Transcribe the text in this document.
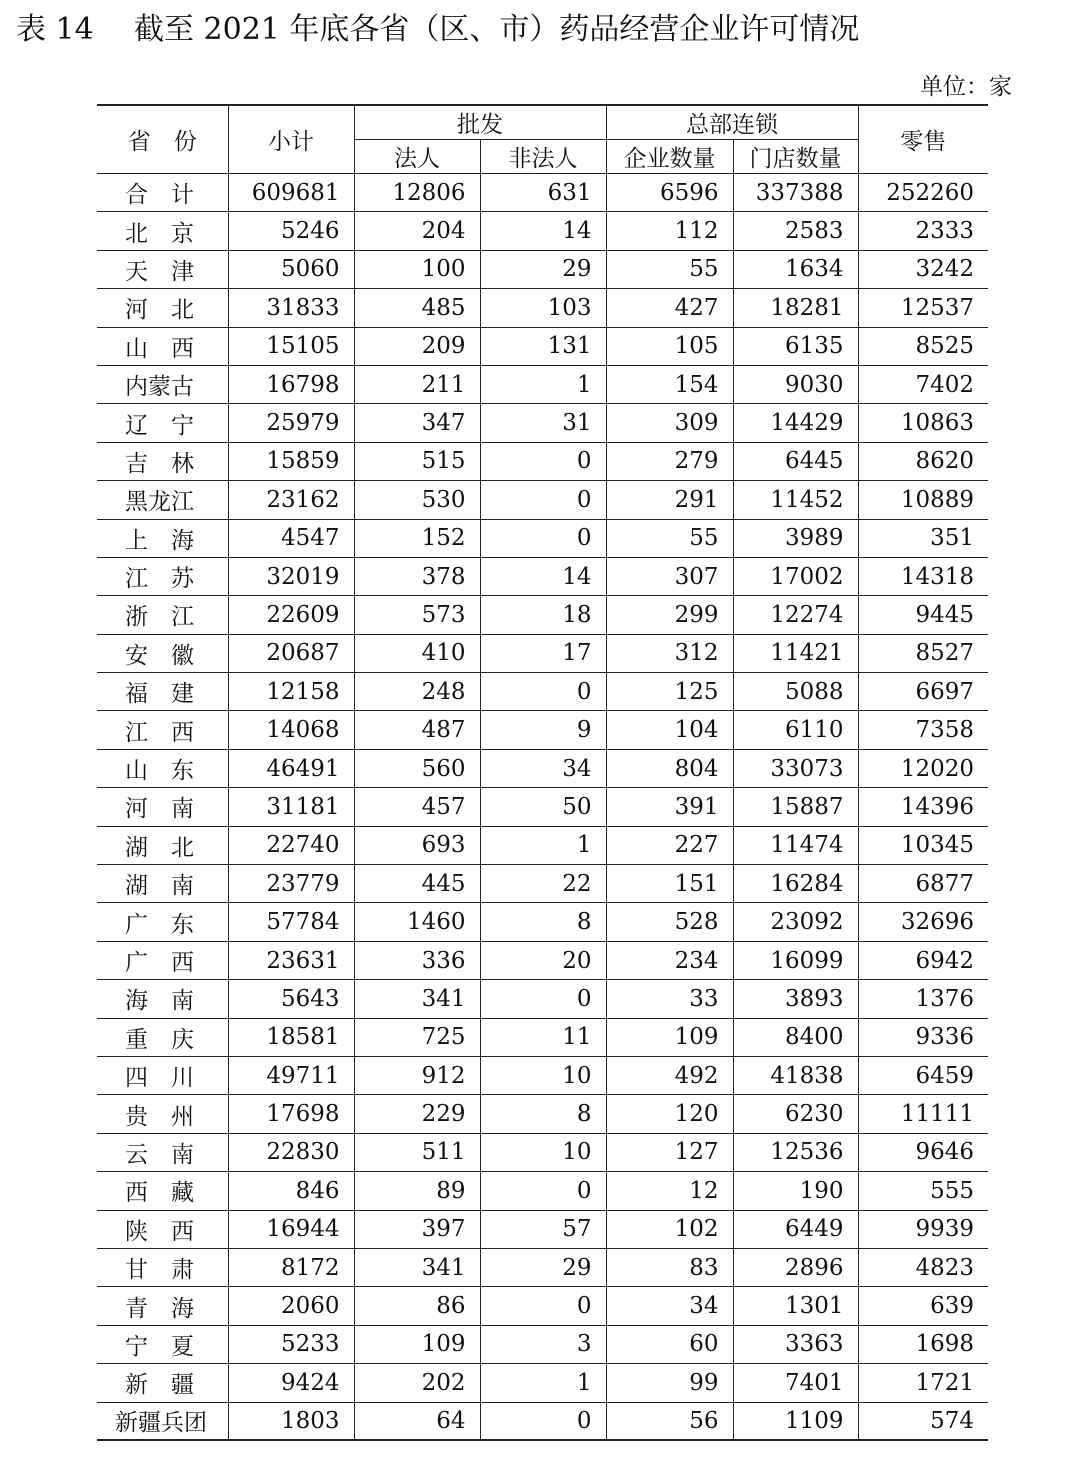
表 14 截至 2021 年底各省（区、市）药品经营企业许可情况
单位：家
省　份	小计	批发		总部连锁		零售
		法人	非法人	企业数量	门店数量	
合　计	609681	12806	631	6596	337388	252260
北　京	5246	204	14	112	2583	2333
天　津	5060	100	29	55	1634	3242
河　北	31833	485	103	427	18281	12537
山　西	15105	209	131	105	6135	8525
内蒙古	16798	211	1	154	9030	7402
辽　宁	25979	347	31	309	14429	10863
吉　林	15859	515	0	279	6445	8620
黑龙江	23162	530	0	291	11452	10889
上　海	4547	152	0	55	3989	351
江　苏	32019	378	14	307	17002	14318
浙　江	22609	573	18	299	12274	9445
安　徽	20687	410	17	312	11421	8527
福　建	12158	248	0	125	5088	6697
江　西	14068	487	9	104	6110	7358
山　东	46491	560	34	804	33073	12020
河　南	31181	457	50	391	15887	14396
湖　北	22740	693	1	227	11474	10345
湖　南	23779	445	22	151	16284	6877
广　东	57784	1460	8	528	23092	32696
广　西	23631	336	20	234	16099	6942
海　南	5643	341	0	33	3893	1376
重　庆	18581	725	11	109	8400	9336
四　川	49711	912	10	492	41838	6459
贵　州	17698	229	8	120	6230	11111
云　南	22830	511	10	127	12536	9646
西　藏	846	89	0	12	190	555
陕　西	16944	397	57	102	6449	9939
甘　肃	8172	341	29	83	2896	4823
青　海	2060	86	0	34	1301	639
宁　夏	5233	109	3	60	3363	1698
新　疆	9424	202	1	99	7401	1721
新疆兵团	1803	64	0	56	1109	574
